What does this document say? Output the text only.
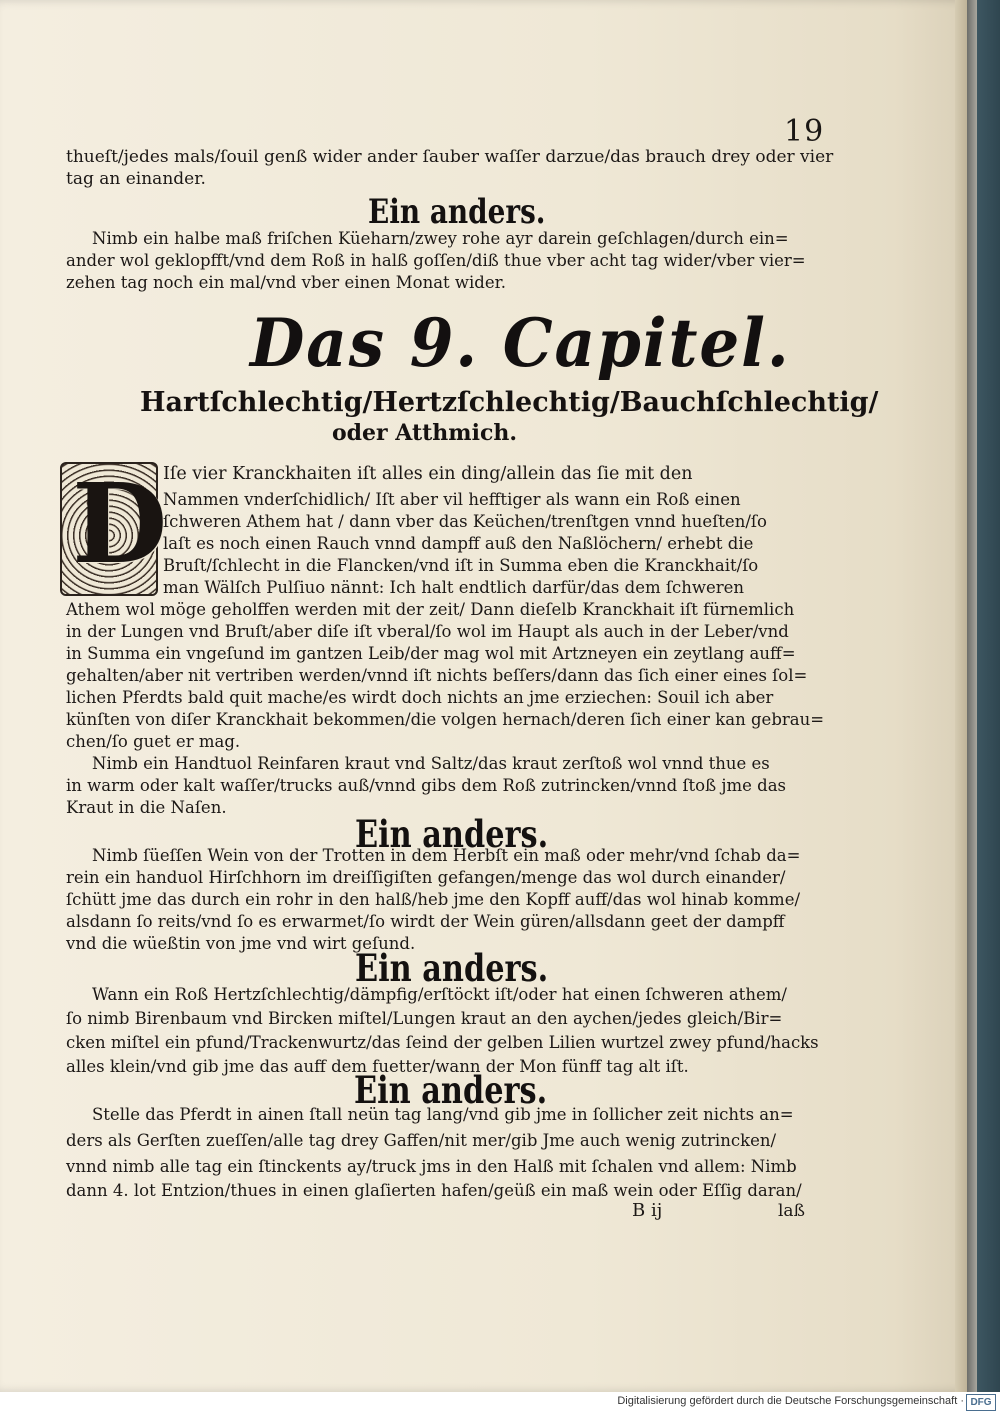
19
thueſt/jedes mals/ſouil genß wider ander ſauber waſſer darzue/das brauch drey oder vier
tag an einander.
Ein anders.
Nimb ein halbe maß friſchen Küeharn/zwey rohe ayr darein geſchlagen/durch ein=
ander wol geklopfft/vnd dem Roß in halß goſſen/diß thue vber acht tag wider/vber vier=
zehen tag noch ein mal/vnd vber einen Monat wider.
Das 9. Capitel.
Hartſchlechtig/Hertzſchlechtig/Bauchſchlechtig/
oder Atthmich.
D
Iſe vier Kranckhaiten iſt alles ein ding/allein das ſie mit den
Nammen vnderſchidlich/ Iſt aber vil hefftiger als wann ein Roß einen
ſchweren Athem hat / dann vber das Keüchen/trenſtgen vnnd hueſten/ſo
laſt es noch einen Rauch vnnd dampff auß den Naßlöchern/ erhebt die
Bruſt/ſchlecht in die Flancken/vnd iſt in Summa eben die Kranckhait/ſo
man Wälſch Pulſiuo nännt: Ich halt endtlich darfür/das dem ſchweren
Athem wol möge geholffen werden mit der zeit/ Dann dieſelb Kranckhait iſt fürnemlich
in der Lungen vnd Bruſt/aber diſe iſt vberal/ſo wol im Haupt als auch in der Leber/vnd
in Summa ein vngeſund im gantzen Leib/der mag wol mit Artzneyen ein zeytlang auff=
gehalten/aber nit vertriben werden/vnnd iſt nichts beſſers/dann das ſich einer eines ſol=
lichen Pferdts bald quit mache/es wirdt doch nichts an jme erziechen: Souil ich aber
künſten von diſer Kranckhait bekommen/die volgen hernach/deren ſich einer kan gebrau=
chen/ſo guet er mag.
Nimb ein Handtuol Reinfaren kraut vnd Saltz/das kraut zerſtoß wol vnnd thue es
in warm oder kalt waſſer/trucks auß/vnnd gibs dem Roß zutrincken/vnnd ſtoß jme das
Kraut in die Naſen.
Ein anders.
Nimb ſüeſſen Wein von der Trotten in dem Herbſt ein maß oder mehr/vnd ſchab da=
rein ein handuol Hirſchhorn im dreiſſigiſten gefangen/menge das wol durch einander/
ſchütt jme das durch ein rohr in den halß/heb jme den Kopff auff/das wol hinab komme/
alsdann ſo reits/vnd ſo es erwarmet/ſo wirdt der Wein güren/allsdann geet der dampff
vnd die wüeßtin von jme vnd wirt geſund.
Ein anders.
Wann ein Roß Hertzſchlechtig/dämpfig/erſtöckt iſt/oder hat einen ſchweren athem/
ſo nimb Birenbaum vnd Bircken miſtel/Lungen kraut an den aychen/jedes gleich/Bir=
cken miſtel ein pfund/Trackenwurtz/das ſeind der gelben Lilien wurtzel zwey pfund/hacks
alles klein/vnd gib jme das auff dem fuetter/wann der Mon fünff tag alt iſt.
Ein anders.
Stelle das Pferdt in ainen ſtall neün tag lang/vnd gib jme in ſollicher zeit nichts an=
ders als Gerſten zueſſen/alle tag drey Gaffen/nit mer/gib Jme auch wenig zutrincken/
vnnd nimb alle tag ein ſtinckents ay/truck jms in den Halß mit ſchalen vnd allem: Nimb
dann 4. lot Entzion/thues in einen glaſierten hafen/geüß ein maß wein oder Eſſig daran/
B ij	laß
Digitalisierung gefördert durch die Deutsche Forschungsgemeinschaft · DFG
